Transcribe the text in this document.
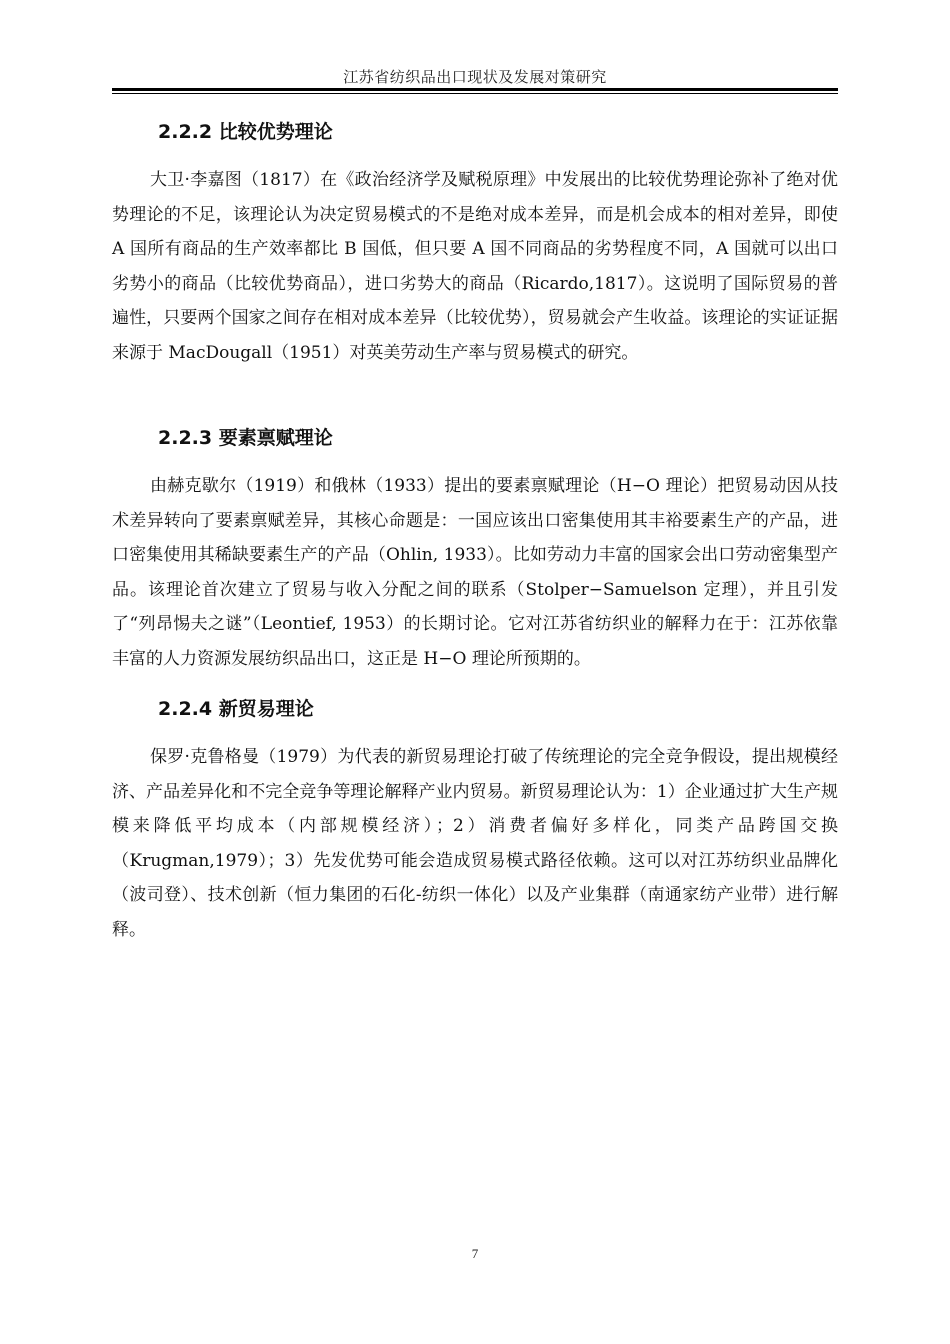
江苏省纺织品出口现状及发展对策研究
2.2.2 比较优势理论

大卫·李嘉图（1817）在《政治经济学及赋税原理》中发展出的比较优势理论弥补了绝对优势理论的不足，该理论认为决定贸易模式的不是绝对成本差异，而是机会成本的相对差异，即使 A 国所有商品的生产效率都比 B 国低，但只要 A 国不同商品的劣势程度不同，A 国就可以出口劣势小的商品（比较优势商品），进口劣势大的商品（Ricardo,1817）。这说明了国际贸易的普遍性，只要两个国家之间存在相对成本差异（比较优势），贸易就会产生收益。该理论的实证证据来源于 MacDougall（1951）对英美劳动生产率与贸易模式的研究。

2.2.3 要素禀赋理论

由赫克歇尔（1919）和俄林（1933）提出的要素禀赋理论（H−O 理论）把贸易动因从技术差异转向了要素禀赋差异，其核心命题是：一国应该出口密集使用其丰裕要素生产的产品，进口密集使用其稀缺要素生产的产品（Ohlin, 1933）。比如劳动力丰富的国家会出口劳动密集型产品。该理论首次建立了贸易与收入分配之间的联系（Stolper−Samuelson 定理），并且引发了“列昂惕夫之谜”（Leontief, 1953）的长期讨论。它对江苏省纺织业的解释力在于：江苏依靠丰富的人力资源发展纺织品出口，这正是 H−O 理论所预期的。

2.2.4 新贸易理论

保罗·克鲁格曼（1979）为代表的新贸易理论打破了传统理论的完全竞争假设，提出规模经济、产品差异化和不完全竞争等理论解释产业内贸易。新贸易理论认为：1）企业通过扩大生产规模来降低平均成本（内部规模经济）；2）消费者偏好多样化，同类产品跨国交换（Krugman,1979）；3）先发优势可能会造成贸易模式路径依赖。这可以对江苏纺织业品牌化（波司登）、技术创新（恒力集团的石化-纺织一体化）以及产业集群（南通家纺产业带）进行解释。

7
